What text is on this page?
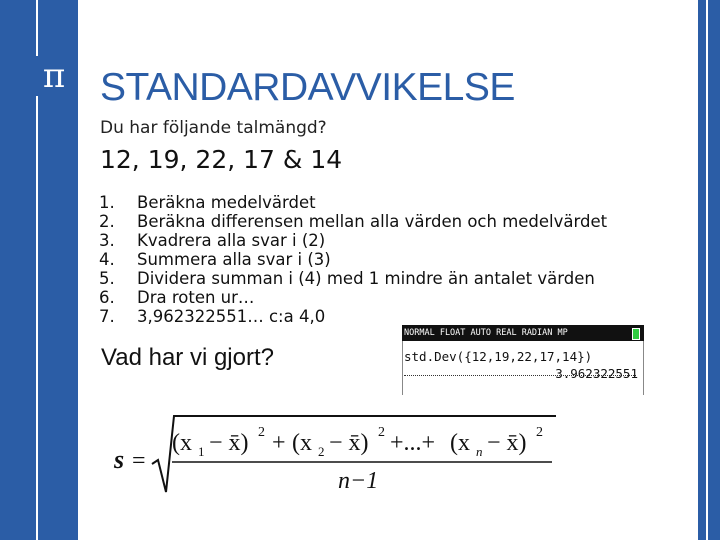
π STANDARDAVVIKELSE
Du har följande talmängd?
12, 19, 22, 17 & 14
1. Beräkna medelvärdet
2. Beräkna differensen mellan alla värden och medelvärdet
3. Kvadrera alla svar i (2)
4. Summera alla svar i (3)
5. Dividera summan i (4) med 1 mindre än antalet värden
6. Dra roten ur…
7. 3,962322551… c:a 4,0
Vad har vi gjort?
NORMAL FLOAT AUTO REAL RADIAN MP
std.Dev({12,19,22,17,14})
3.962322551
s =
(x 1 − x̄) 2 + (x 2 − x̄) 2 +...+ (x n − x̄) 2
n−1
